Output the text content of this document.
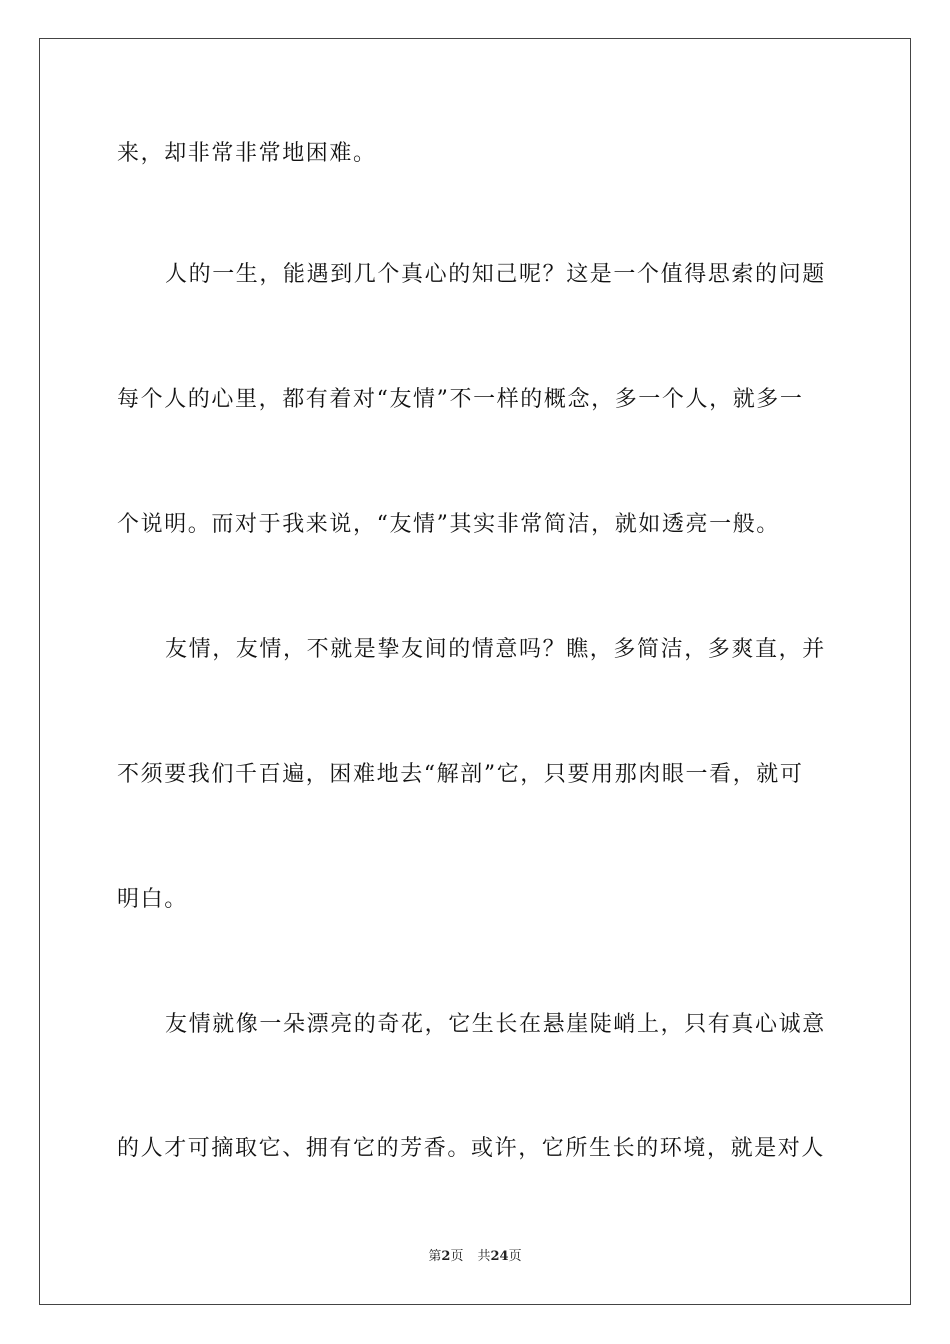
来，却非常非常地困难。
人的一生，能遇到几个真心的知己呢？这是一个值得思索的问题
每个人的心里，都有着对“友情”不一样的概念，多一个人，就多一
个说明。而对于我来说，“友情”其实非常简洁，就如透亮一般。
友情，友情，不就是挚友间的情意吗？瞧，多简洁，多爽直，并
不须要我们千百遍，困难地去“解剖”它，只要用那肉眼一看，就可
明白。
友情就像一朵漂亮的奇花，它生长在悬崖陡峭上，只有真心诚意
的人才可摘取它、拥有它的芳香。或许，它所生长的环境，就是对人
第2页 共24页
